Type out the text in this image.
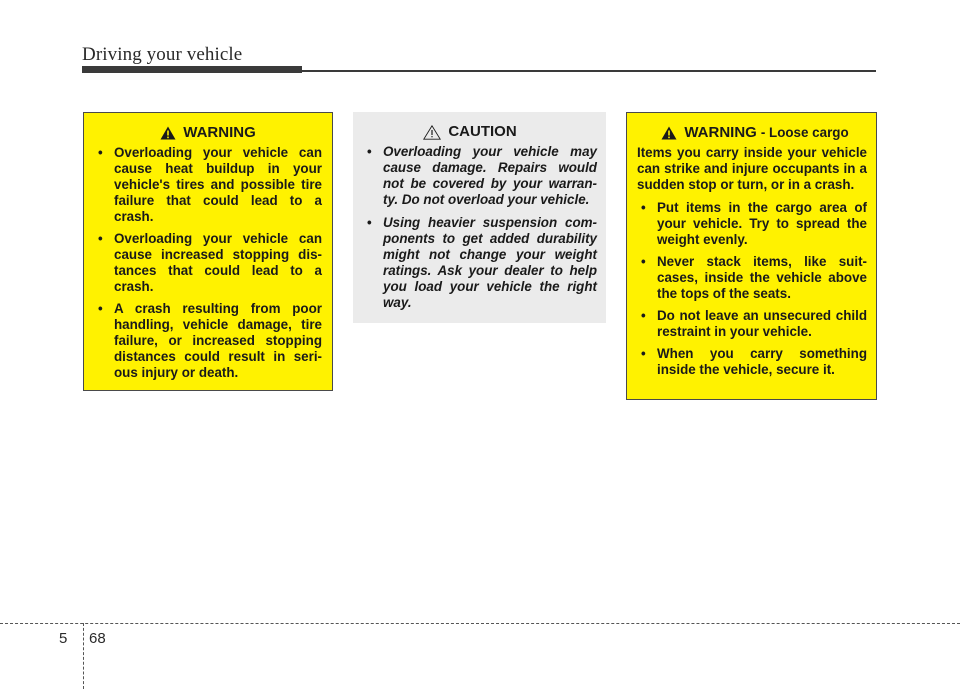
Driving your vehicle
WARNING
• Overloading your vehicle can cause heat buildup in your vehicle's tires and possible tire failure that could lead to a crash.
• Overloading your vehicle can cause increased stopping dis-tances that could lead to a crash.
• A crash resulting from poor handling, vehicle damage, tire failure, or increased stopping distances could result in seri-ous injury or death.
CAUTION
• Overloading your vehicle may cause damage. Repairs would not be covered by your warran-ty. Do not overload your vehicle.
• Using heavier suspension com-ponents to get added durability might not change your weight ratings. Ask your dealer to help you load your vehicle the right way.
WARNING - Loose cargo

Items you carry inside your vehicle can strike and injure occupants in a sudden stop or turn, or in a crash.

• Put items in the cargo area of your vehicle. Try to spread the weight evenly.
• Never stack items, like suit-cases, inside the vehicle above the tops of the seats.
• Do not leave an unsecured child restraint in your vehicle.
• When you carry something inside the vehicle, secure it.
5 68
